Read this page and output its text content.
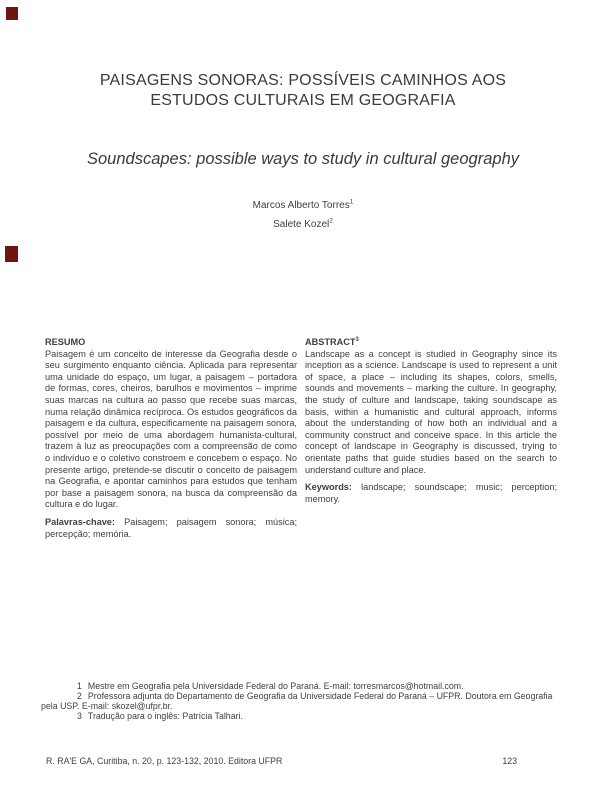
PAISAGENS SONORAS: POSSÍVEIS CAMINHOS AOS
ESTUDOS CULTURAIS EM GEOGRAFIA
Soundscapes: possible ways to study in cultural geography
Marcos Alberto Torres$^1$
Salete Kozel$^2$
RESUMO

Paisagem é um conceito de interesse da Geografia desde o seu surgimento enquanto ciência. Aplicada para representar uma unidade do espaço, um lugar, a paisagem – portadora de formas, cores, cheiros, barulhos e movimentos – imprime suas marcas na cultura ao passo que recebe suas marcas, numa relação dinâmica recíproca. Os estudos geográficos da paisagem e da cultura, especificamente na paisagem sonora, possível por meio de uma abordagem humanista-cultural, trazem à luz as preocupações com a compreensão de como o indivíduo e o coletivo constroem e concebem o espaço. No presente artigo, pretende-se discutir o conceito de paisagem na Geografia, e apontar caminhos para estudos que tenham por base a paisagem sonora, na busca da compreensão da cultura e do lugar.

Palavras-chave: Paisagem; paisagem sonora; música; percepção; memória.

ABSTRACT$^3$

Landscape as a concept is studied in Geography since its inception as a science. Landscape is used to represent a unit of space, a place – including its shapes, colors, smells, sounds and movements – marking the culture. In geography, the study of culture and landscape, taking soundscape as basis, within a humanistic and cultural approach, informs about the understanding of how both an individual and a community construct and conceive space. In this article the concept of landscape in Geography is discussed, trying to orientate paths that guide studies based on the search to understand culture and place.

Keywords: landscape; soundscape; music; perception; memory.

1 Mestre em Geografia pela Universidade Federal do Paraná. E-mail: torresmarcos@hotmail.com.

2 Professora adjunta do Departamento de Geografia da Universidade Federal do Paraná – UFPR. Doutora em Geografia pela USP. E-mail: skozel@ufpr.br.

3 Tradução para o inglês: Patrícia Talhari.

R. RA'E GA, Curitiba, n. 20, p. 123-132, 2010. Editora UFPR	123
